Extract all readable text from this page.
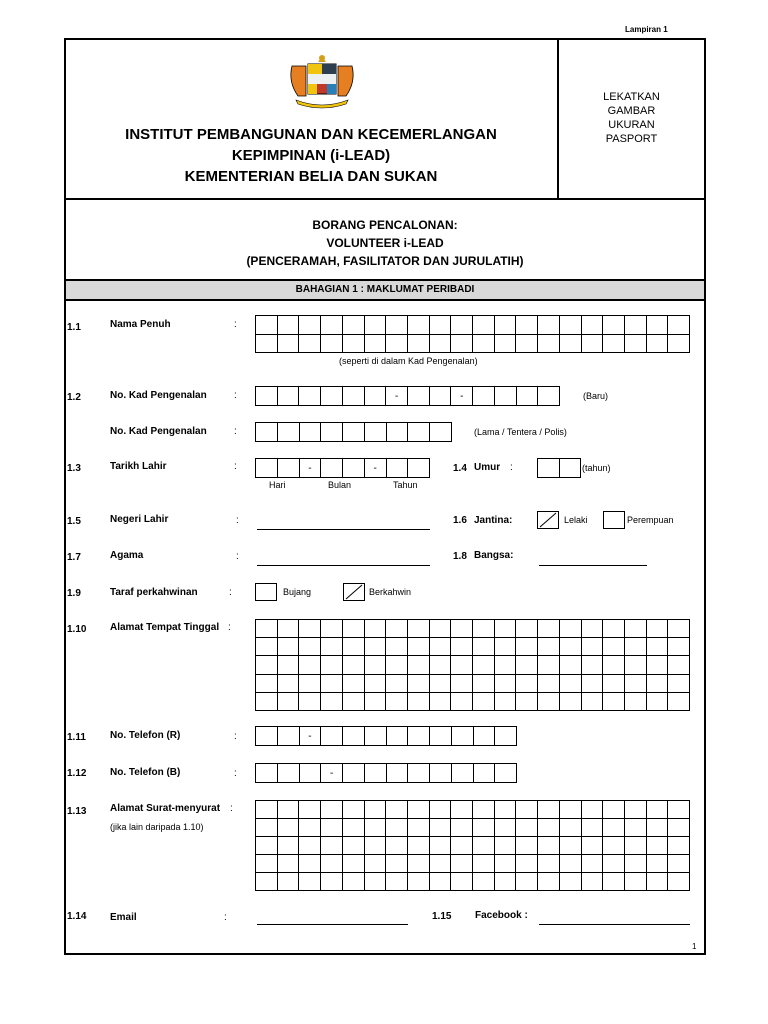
Lampiran 1
INSTITUT PEMBANGUNAN DAN KECEMERLANGAN
KEPIMPINAN (i-LEAD)
KEMENTERIAN BELIA DAN SUKAN
LEKATKAN
GAMBAR
UKURAN
PASPORT
BORANG PENCALONAN:
VOLUNTEER i-LEAD
(PENCERAMAH, FASILITATOR DAN JURULATIH)
BAHAGIAN 1 : MAKLUMAT PERIBADI
1.1	Nama Penuh	:
(seperti di dalam Kad Pengenalan)
1.2	No. Kad Pengenalan	:	-	-	(Baru)
No. Kad Pengenalan	:	(Lama / Tentera / Polis)
1.3	Tarikh Lahir	:	-	-
Hari	Bulan	Tahun
1.4 Umur :	(tahun)
1.5	Negeri Lahir	:	1.6 Jantina:	Lelaki	Perempuan
1.7	Agama	:	1.8 Bangsa:
1.9	Taraf perkahwinan	:	Bujang	Berkahwin
1.10 Alamat Tempat Tinggal :
1.11 No. Telefon (R)	:	-
1.12 No. Telefon (B)	:	-
1.13 Alamat Surat-menyurat :
(jika lain daripada 1.10)
1.14 Email	:	1.15 Facebook :
1
